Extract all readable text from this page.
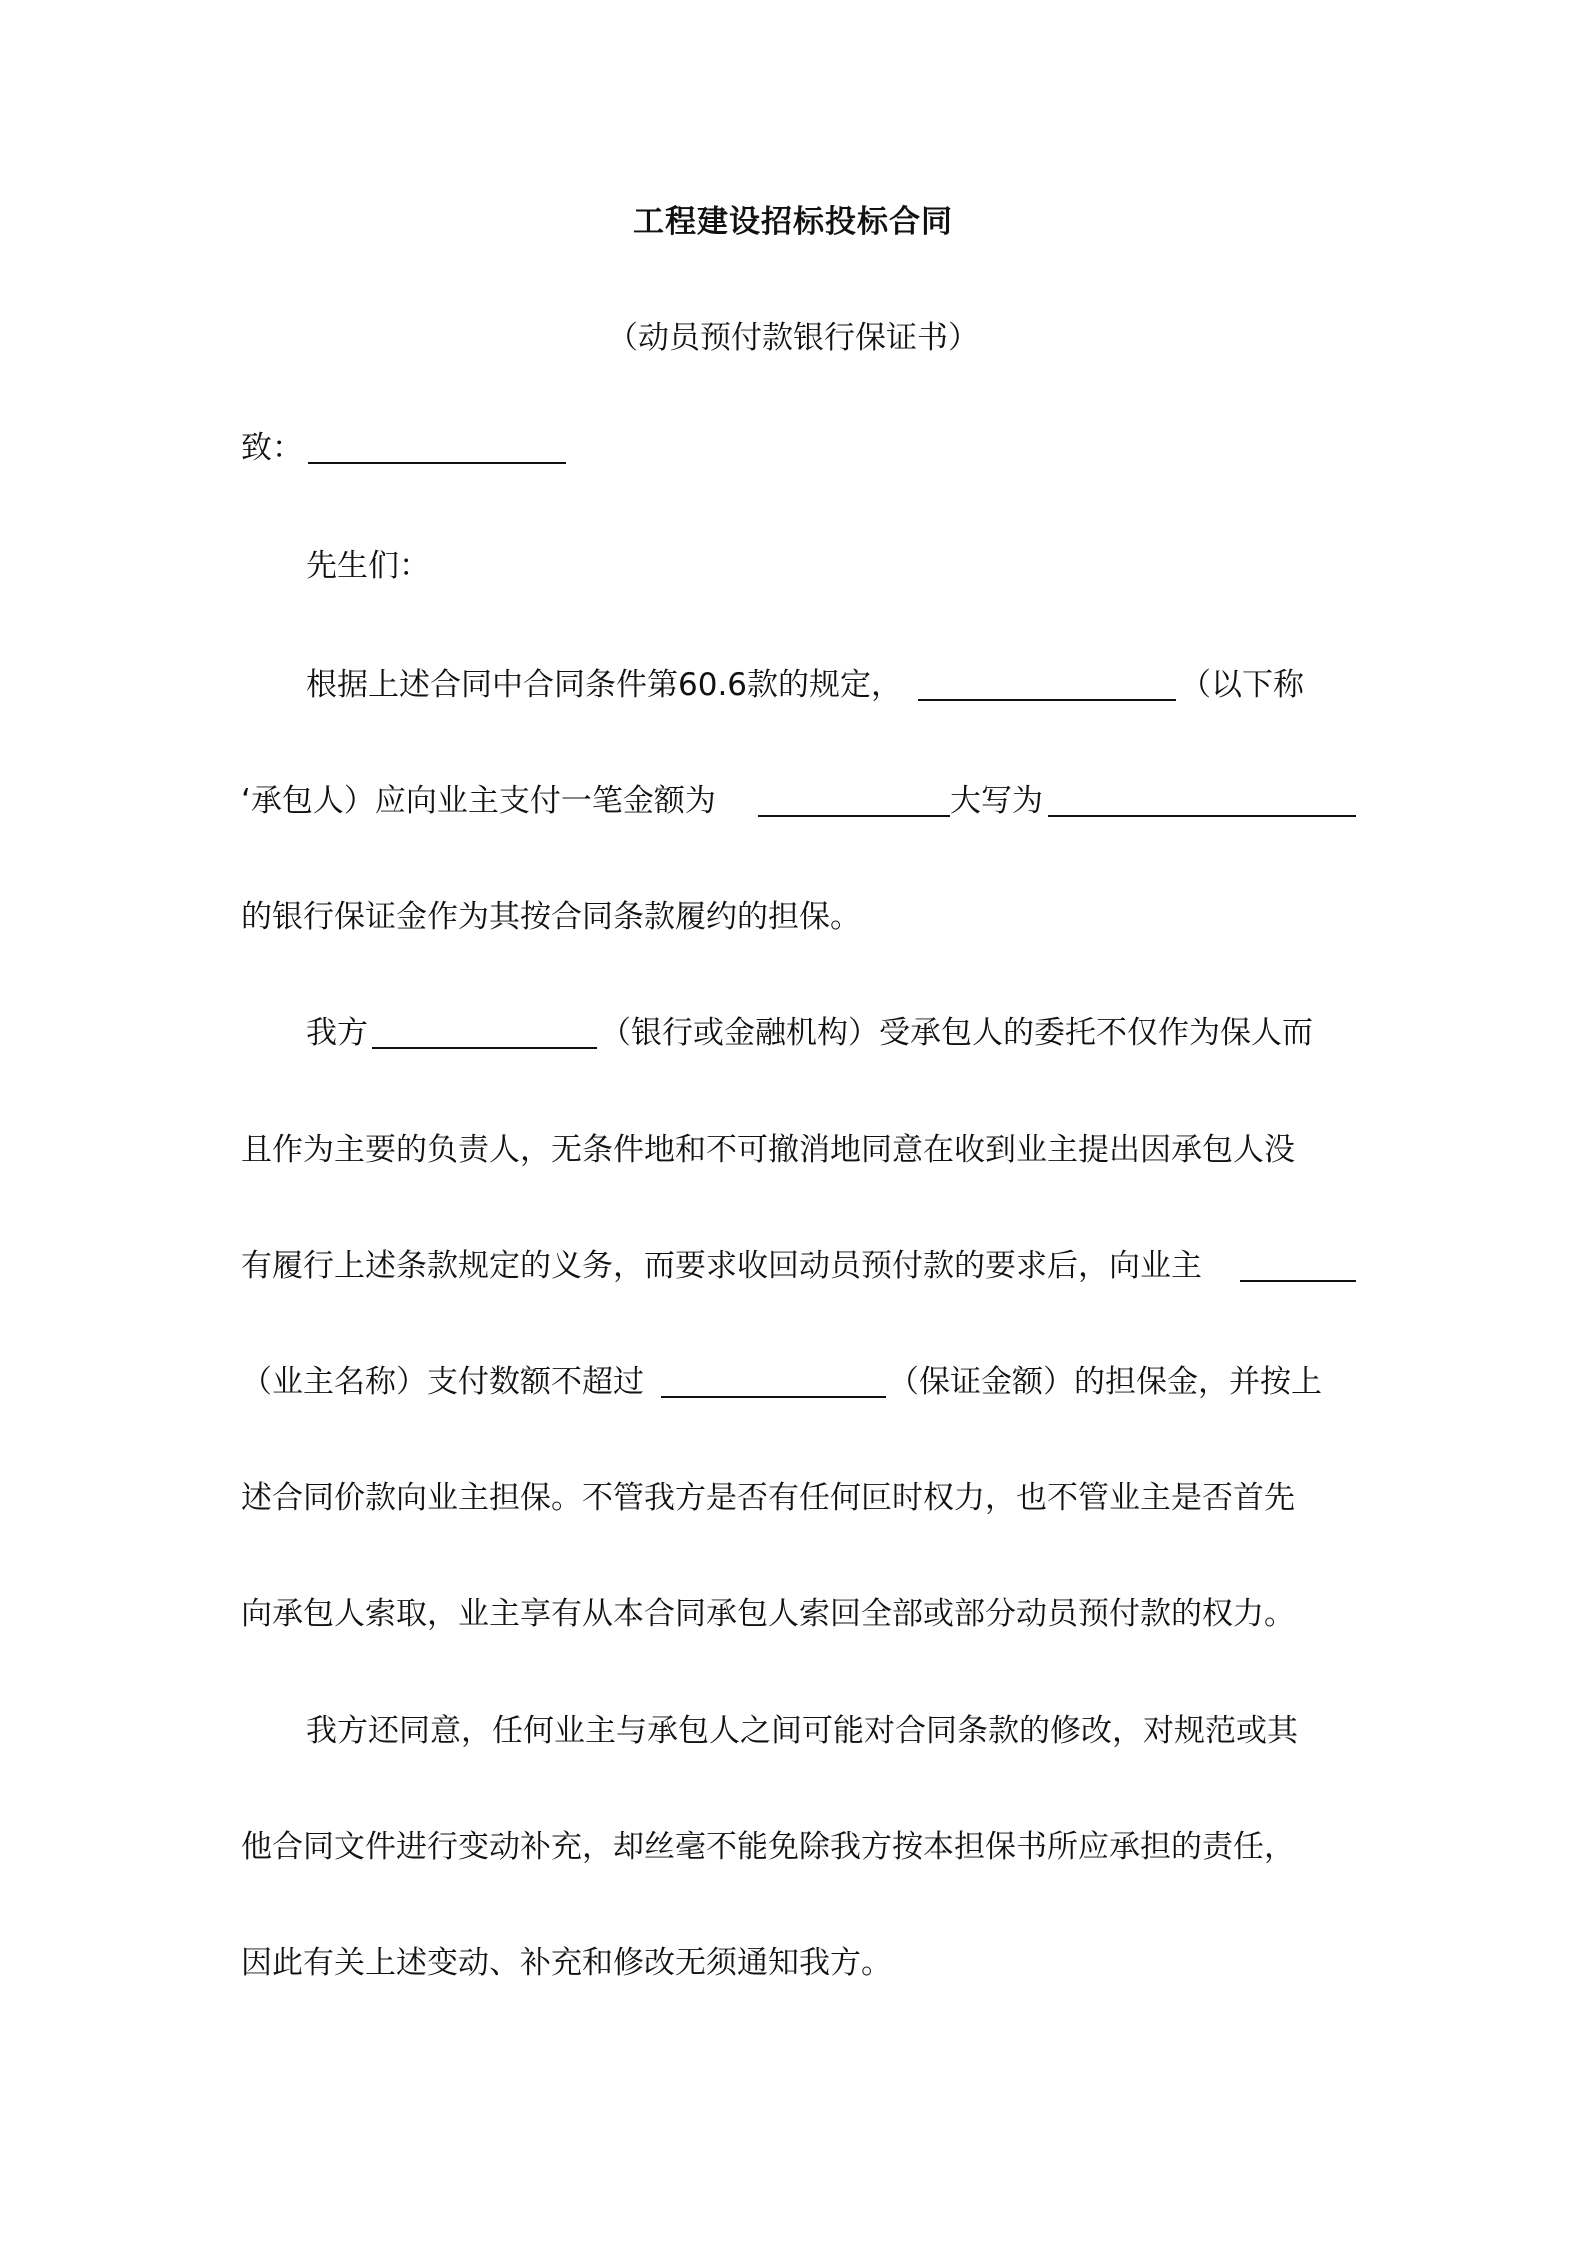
工程建设招标投标合同
（动员预付款银行保证书）
致：
先生们：
根据上述合同中合同条件第60.6款的规定，	（以下称
‘承包人）应向业主支付一笔金额为	大写为
的银行保证金作为其按合同条款履约的担保。
我方	（银行或金融机构）受承包人的委托不仅作为保人而
且作为主要的负责人，无条件地和不可撤消地同意在收到业主提出因承包人没
有履行上述条款规定的义务，而要求收回动员预付款的要求后，向业主
（业主名称）支付数额不超过	（保证金额）的担保金，并按上
述合同价款向业主担保。不管我方是否有任何叵时权力，也不管业主是否首先
向承包人索取，业主享有从本合同承包人索回全部或部分动员预付款的权力。
我方还同意，任何业主与承包人之间可能对合同条款的修改，对规范或其
他合同文件进行变动补充，却丝毫不能免除我方按本担保书所应承担的责任，
因此有关上述变动、补充和修改无须通知我方。
